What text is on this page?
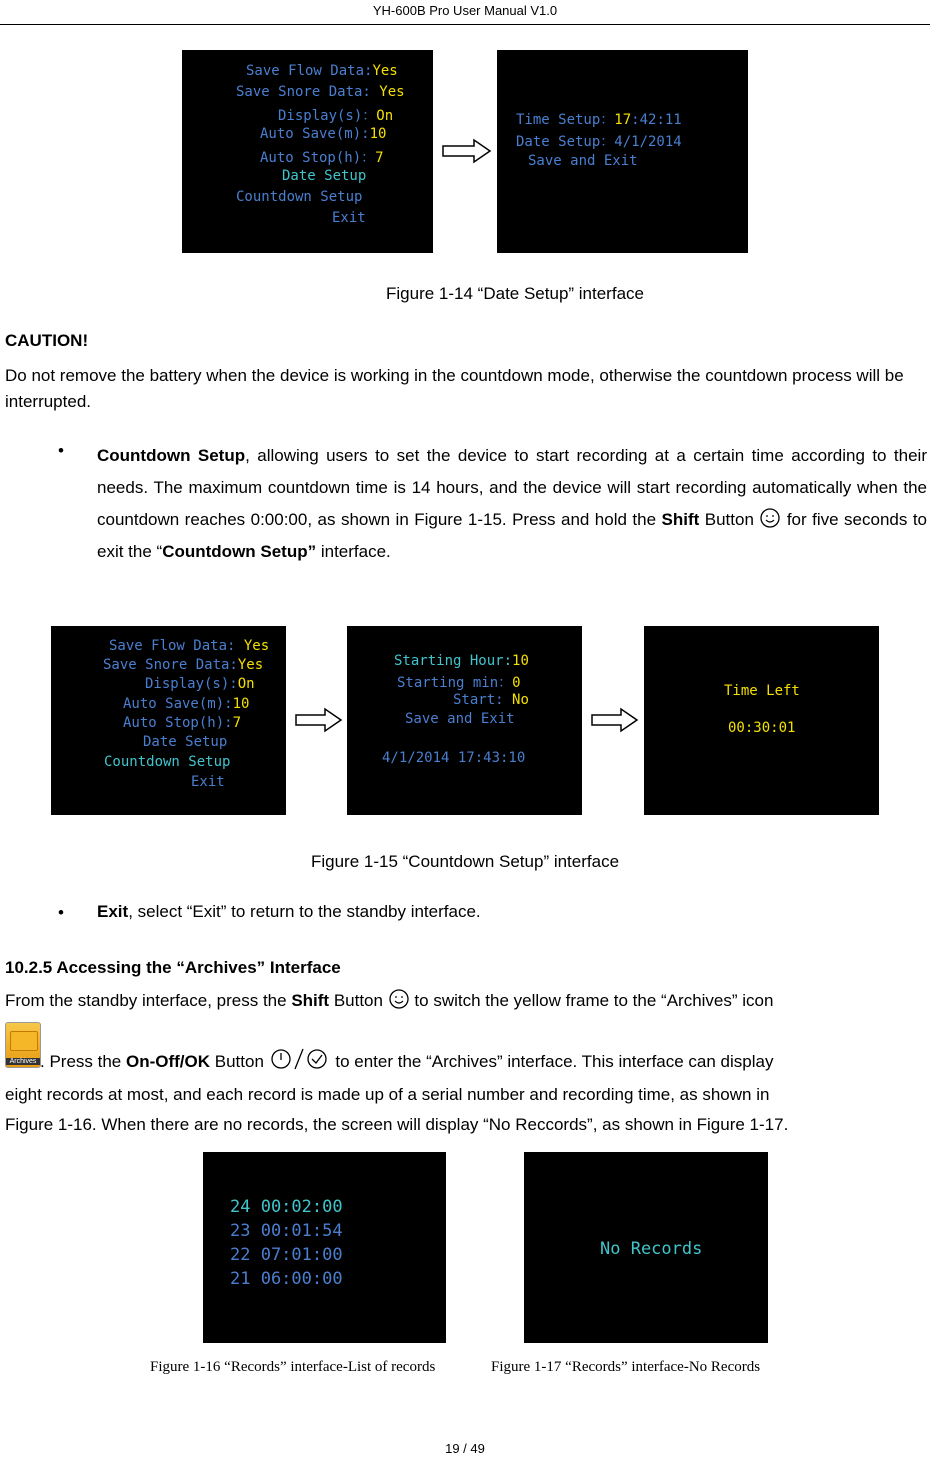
YH-600B Pro User Manual V1.0
Save Flow Data:Yes
Save Snore Data: Yes
Display(s)：On
Auto Save(m):10
Auto Stop(h)：7
Date Setup
Countdown Setup
Exit
Time Setup：17:42:11
Date Setup：4/1/2014
Save and Exit
Figure 1-14 “Date Setup” interface
CAUTION!
Do not remove the battery when the device is working in the countdown mode, otherwise the countdown process will be interrupted.
• Countdown Setup, allowing users to set the device to start recording at a certain time according to their needs. The maximum countdown time is 14 hours, and the device will start recording automatically when the countdown reaches 0:00:00, as shown in Figure 1-15. Press and hold the Shift Button  for five seconds to exit the “Countdown Setup” interface.
Save Flow Data: Yes
Save Snore Data:Yes
Display(s):On
Auto Save(m):10
Auto Stop(h):7
Date Setup
Countdown Setup
Exit
Starting Hour:10
Starting min：0
Start: No
Save and Exit
4/1/2014 17:43:10
Time Left
00:30:01
Figure 1-15 “Countdown Setup” interface
• Exit, select “Exit” to return to the standby interface.
10.2.5 Accessing the “Archives” Interface
From the standby interface, press the Shift Button  to switch the yellow frame to the “Archives” icon
Archives . Press the On-Off/OK Button	to enter the “Archives” interface. This interface can display
eight records at most, and each record is made up of a serial number and recording time, as shown in
Figure 1-16. When there are no records, the screen will display “No Reccords”, as shown in Figure 1-17.
24 00:02:00
23 00:01:54
22 07:01:00
21 06:00:00
No Records
Figure 1-16 “Records” interface-List of records	Figure 1-17 “Records” interface-No Records
19 / 49
